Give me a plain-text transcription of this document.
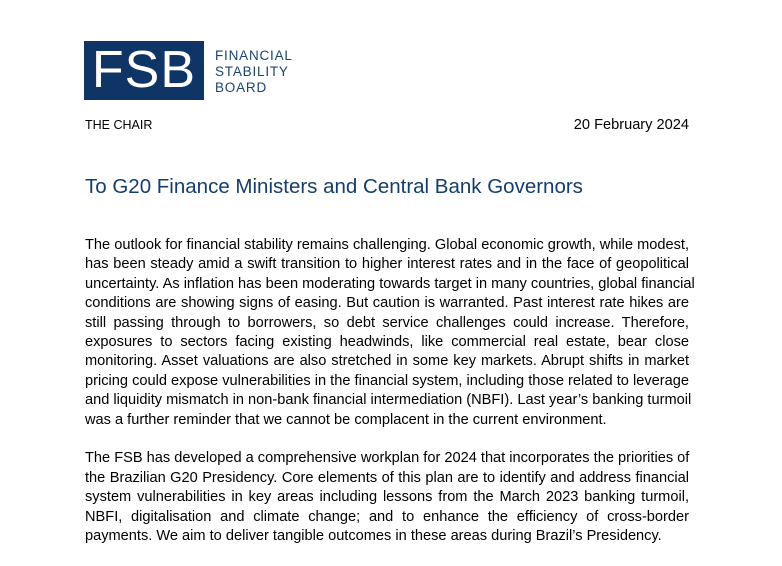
FSB	FINANCIAL
STABILITY
BOARD
THE CHAIR	20 February 2024
To G20 Finance Ministers and Central Bank Governors
The outlook for financial stability remains challenging. Global economic growth, while modest,
has been steady amid a swift transition to higher interest rates and in the face of geopolitical
uncertainty. As inflation has been moderating towards target in many countries, global financial
conditions are showing signs of easing. But caution is warranted. Past interest rate hikes are
still passing through to borrowers, so debt service challenges could increase. Therefore,
exposures to sectors facing existing headwinds, like commercial real estate, bear close
monitoring. Asset valuations are also stretched in some key markets. Abrupt shifts in market
pricing could expose vulnerabilities in the financial system, including those related to leverage
and liquidity mismatch in non-bank financial intermediation (NBFI). Last year’s banking turmoil
was a further reminder that we cannot be complacent in the current environment.
The FSB has developed a comprehensive workplan for 2024 that incorporates the priorities of
the Brazilian G20 Presidency. Core elements of this plan are to identify and address financial
system vulnerabilities in key areas including lessons from the March 2023 banking turmoil,
NBFI, digitalisation and climate change; and to enhance the efficiency of cross-border
payments. We aim to deliver tangible outcomes in these areas during Brazil’s Presidency.
